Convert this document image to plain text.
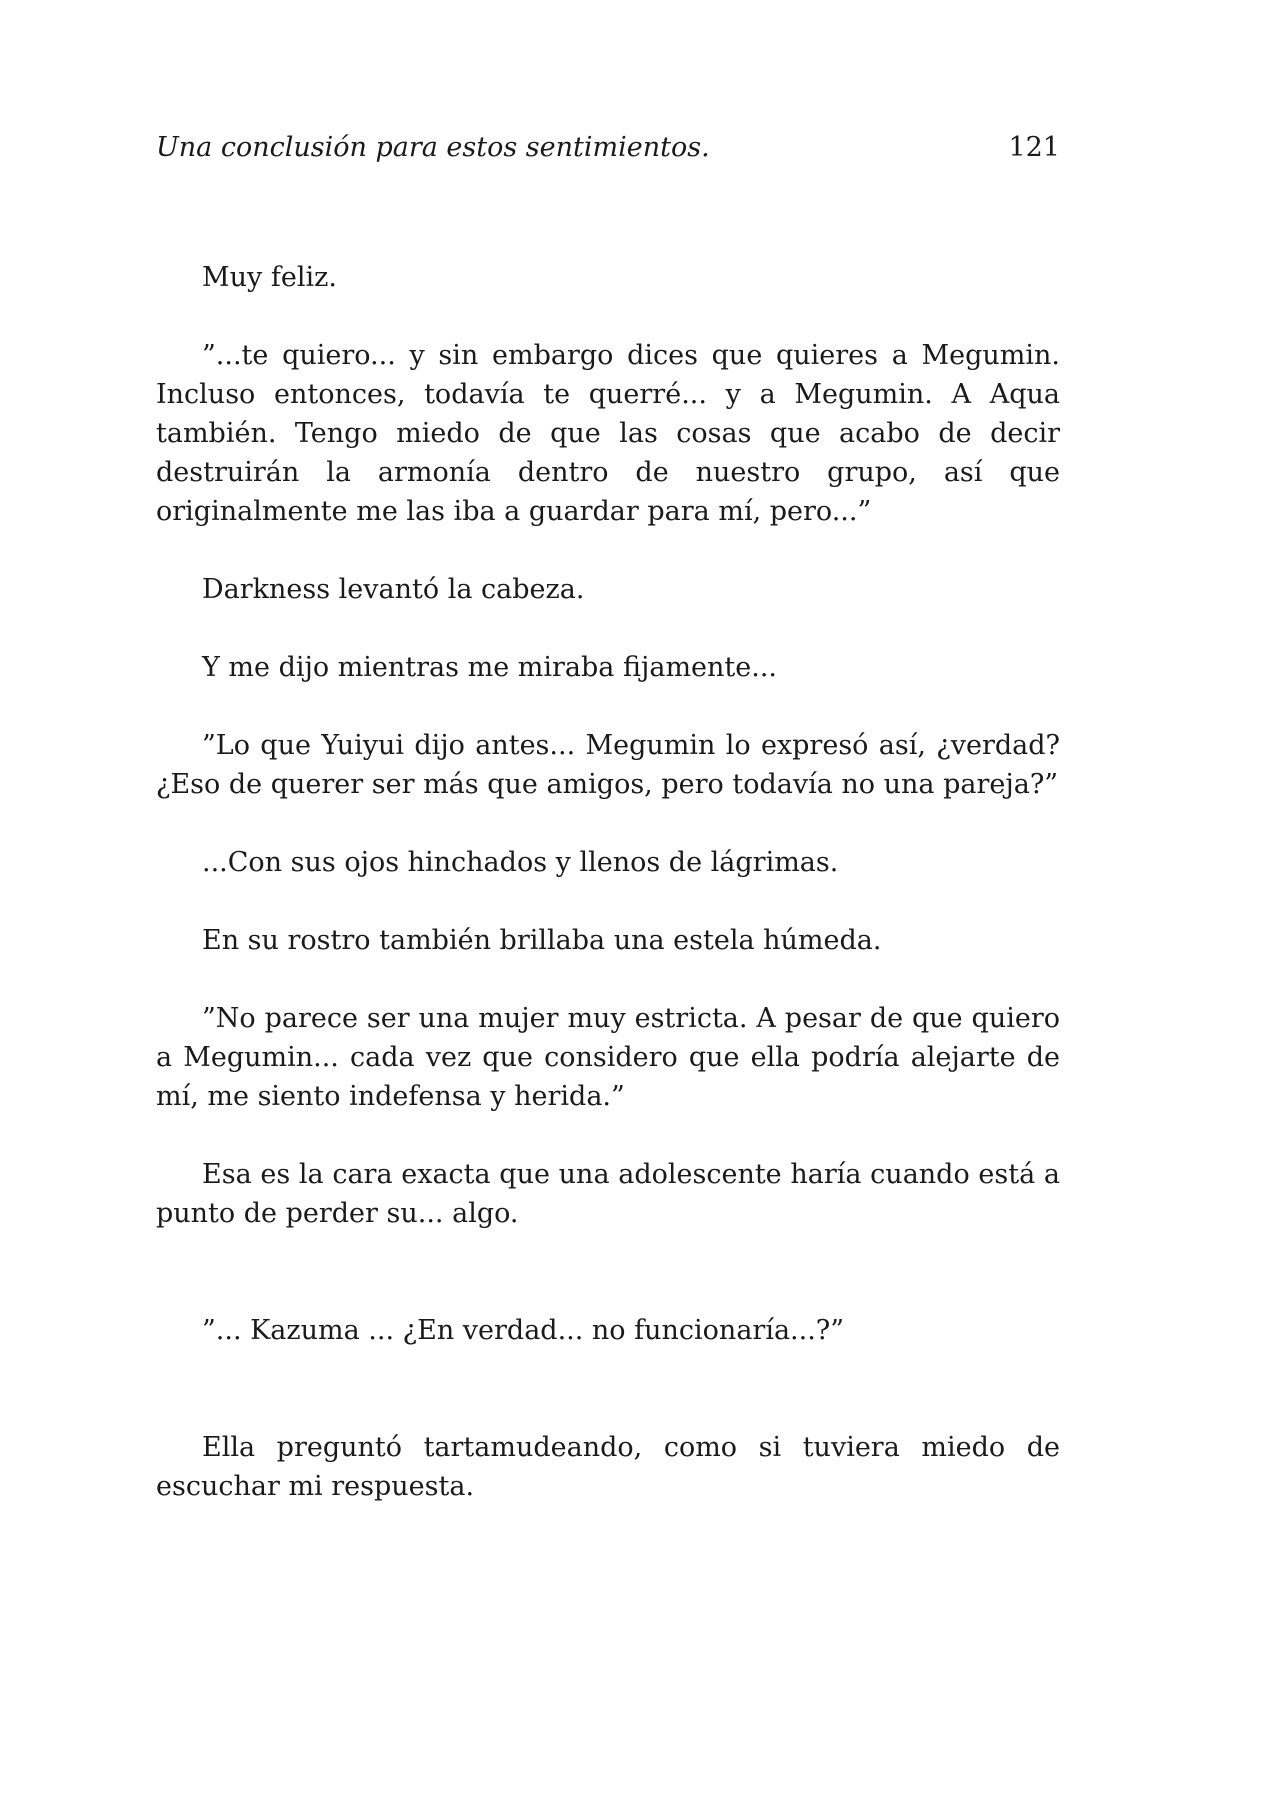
Una conclusión para estos sentimientos.	121

Muy feliz.

”...te quiero... y sin embargo dices que quieres a Megumin. Incluso entonces, todavía te querré... y a Megumin. A Aqua también. Tengo miedo de que las cosas que acabo de decir destruirán la armonía dentro de nuestro grupo, así que originalmente me las iba a guardar para mí, pero...”

Darkness levantó la cabeza.

Y me dijo mientras me miraba fijamente...

”Lo que Yuiyui dijo antes... Megumin lo expresó así, ¿verdad? ¿Eso de querer ser más que amigos, pero todavía no una pareja?”

...Con sus ojos hinchados y llenos de lágrimas.

En su rostro también brillaba una estela húmeda.

”No parece ser una mujer muy estricta. A pesar de que quiero a Megumin... cada vez que considero que ella podría alejarte de mí, me siento indefensa y herida.”

Esa es la cara exacta que una adolescente haría cuando está a punto de perder su... algo.

”... Kazuma ... ¿En verdad... no funcionaría...?”

Ella preguntó tartamudeando, como si tuviera miedo de escuchar mi respuesta.
